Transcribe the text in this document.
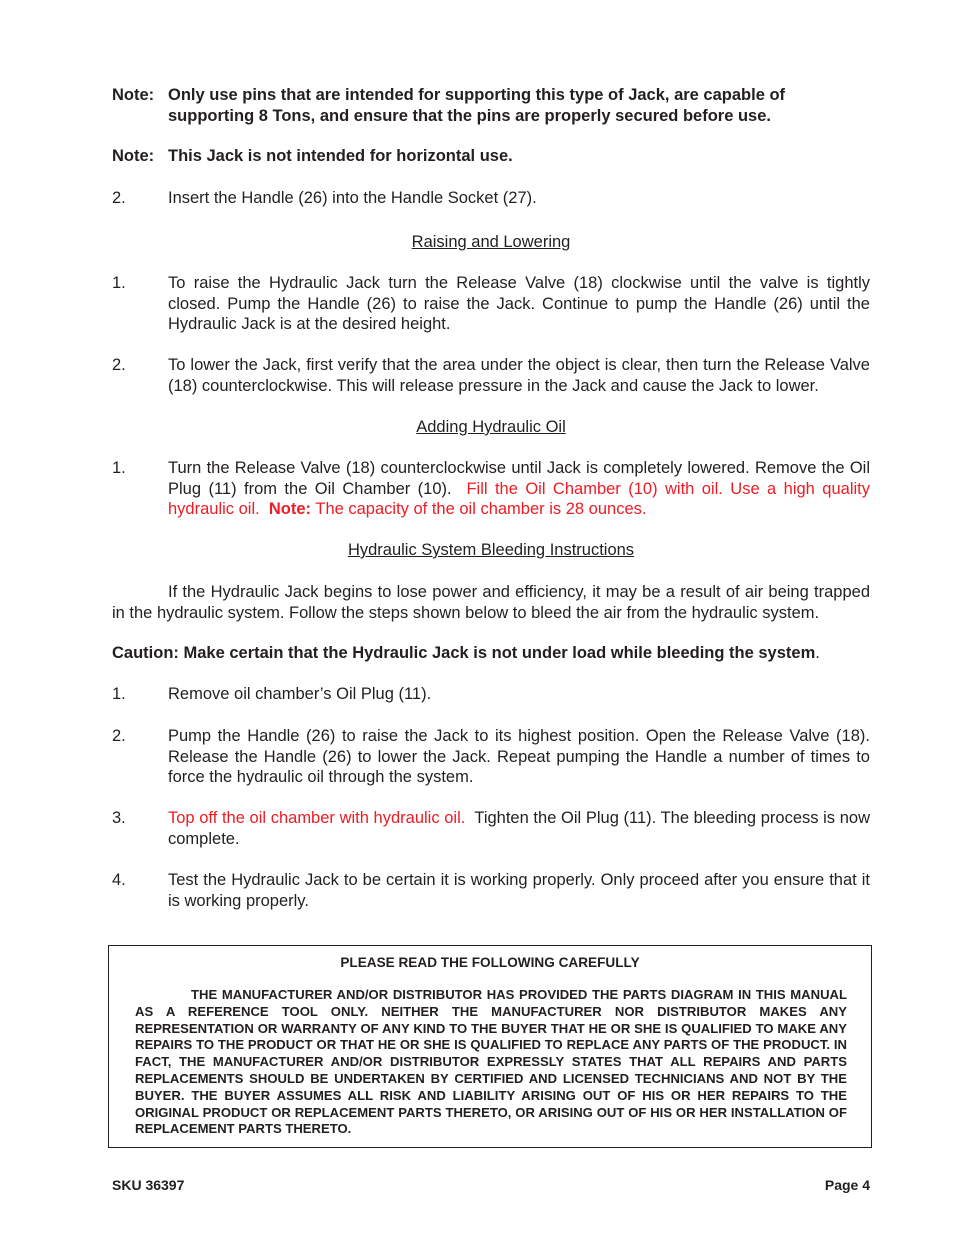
Note: Only use pins that are intended for supporting this type of Jack, are capable of supporting 8 Tons, and ensure that the pins are properly secured before use.
Note: This Jack is not intended for horizontal use.
2.	Insert the Handle (26) into the Handle Socket (27).
Raising and Lowering
1.	To raise the Hydraulic Jack turn the Release Valve (18) clockwise until the valve is tightly closed. Pump the Handle (26) to raise the Jack. Continue to pump the Handle (26) until the Hydraulic Jack is at the desired height.
2.	To lower the Jack, first verify that the area under the object is clear, then turn the Release Valve (18) counterclockwise. This will release pressure in the Jack and cause the Jack to lower.
Adding Hydraulic Oil
1.	Turn the Release Valve (18) counterclockwise until Jack is completely lowered. Remove the Oil Plug (11) from the Oil Chamber (10). Fill the Oil Chamber (10) with oil. Use a high quality hydraulic oil. Note: The capacity of the oil chamber is 28 ounces.
Hydraulic System Bleeding Instructions
If the Hydraulic Jack begins to lose power and efficiency, it may be a result of air being trapped in the hydraulic system. Follow the steps shown below to bleed the air from the hydraulic system.
Caution: Make certain that the Hydraulic Jack is not under load while bleeding the system.
1.	Remove oil chamber’s Oil Plug (11).
2.	Pump the Handle (26) to raise the Jack to its highest position. Open the Release Valve (18). Release the Handle (26) to lower the Jack. Repeat pumping the Handle a number of times to force the hydraulic oil through the system.
3.	Top off the oil chamber with hydraulic oil. Tighten the Oil Plug (11). The bleeding process is now complete.
4.	Test the Hydraulic Jack to be certain it is working properly. Only proceed after you ensure that it is working properly.
PLEASE READ THE FOLLOWING CAREFULLY
THE MANUFACTURER AND/OR DISTRIBUTOR HAS PROVIDED THE PARTS DIAGRAM IN THIS MANUAL AS A REFERENCE TOOL ONLY. NEITHER THE MANUFACTURER NOR DISTRIBUTOR MAKES ANY REPRESENTATION OR WARRANTY OF ANY KIND TO THE BUYER THAT HE OR SHE IS QUALIFIED TO MAKE ANY REPAIRS TO THE PRODUCT OR THAT HE OR SHE IS QUALIFIED TO REPLACE ANY PARTS OF THE PRODUCT. IN FACT, THE MANUFACTURER AND/OR DISTRIBUTOR EXPRESSLY STATES THAT ALL REPAIRS AND PARTS REPLACEMENTS SHOULD BE UNDERTAKEN BY CERTIFIED AND LICENSED TECHNICIANS AND NOT BY THE BUYER. THE BUYER ASSUMES ALL RISK AND LIABILITY ARISING OUT OF HIS OR HER REPAIRS TO THE ORIGINAL PRODUCT OR REPLACEMENT PARTS THERETO, OR ARISING OUT OF HIS OR HER INSTALLATION OF REPLACEMENT PARTS THERETO.
SKU 36397	Page 4
